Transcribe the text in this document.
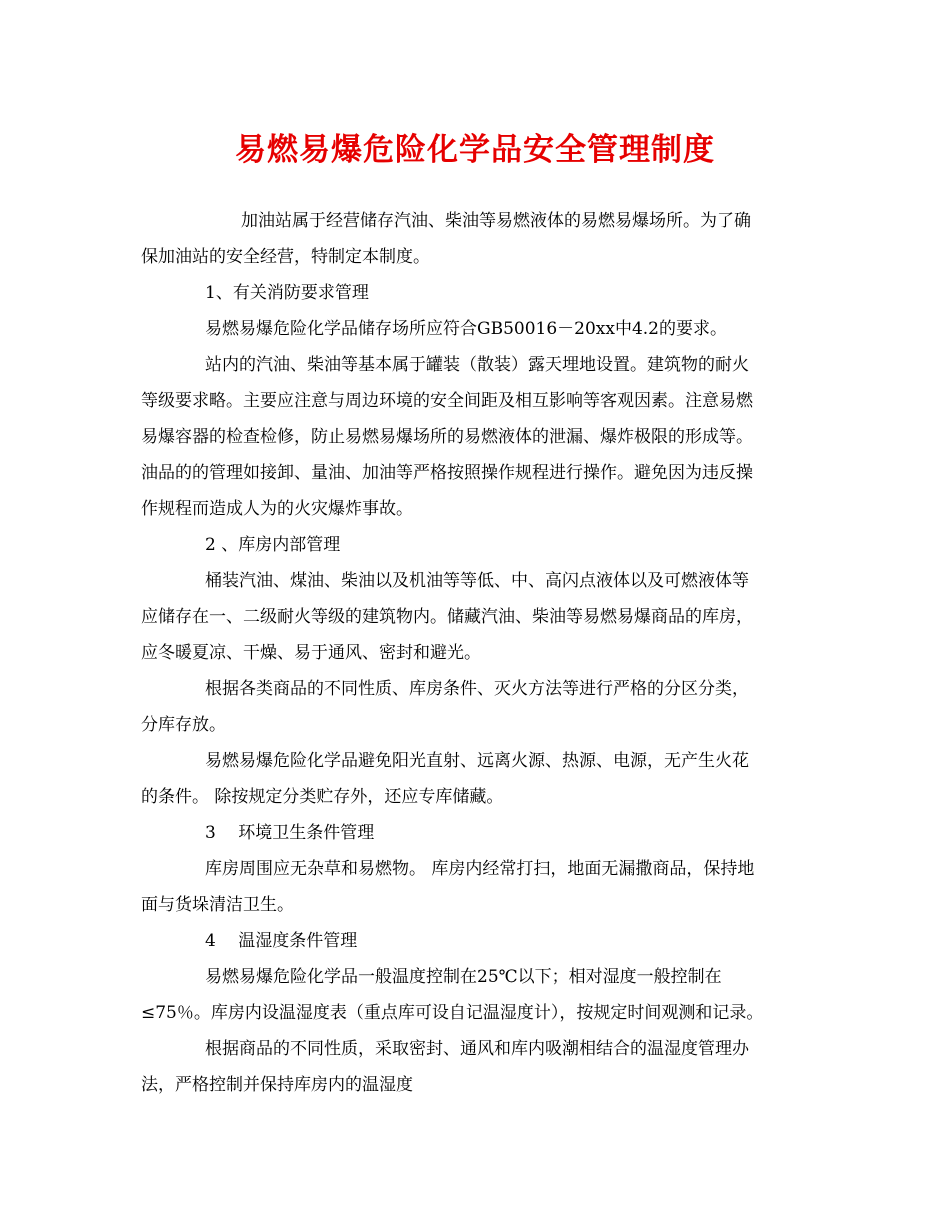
易燃易爆危险化学品安全管理制度

加油站属于经营储存汽油、柴油等易燃液体的易燃易爆场所。为了确

保加油站的安全经营，特制定本制度。

1、有关消防要求管理

易燃易爆危险化学品储存场所应符合GB50016－20xx中4.2的要求。

站内的汽油、柴油等基本属于罐装（散装）露天埋地设置。建筑物的耐火

等级要求略。主要应注意与周边环境的安全间距及相互影响等客观因素。注意易燃

易爆容器的检查检修，防止易燃易爆场所的易燃液体的泄漏、爆炸极限的形成等。

油品的的管理如接卸、量油、加油等严格按照操作规程进行操作。避免因为违反操

作规程而造成人为的火灾爆炸事故。

2 、库房内部管理

桶装汽油、煤油、柴油以及机油等等低、中、高闪点液体以及可燃液体等

应储存在一、二级耐火等级的建筑物内。储藏汽油、柴油等易燃易爆商品的库房，

应冬暖夏凉、干燥、易于通风、密封和避光。

根据各类商品的不同性质、库房条件、灭火方法等进行严格的分区分类，

分库存放。

易燃易爆危险化学品避免阳光直射、远离火源、热源、电源，无产生火花

的条件。 除按规定分类贮存外，还应专库储藏。

3　 环境卫生条件管理

库房周围应无杂草和易燃物。 库房内经常打扫，地面无漏撒商品，保持地

面与货垛清洁卫生。

4　 温湿度条件管理

易燃易爆危险化学品一般温度控制在25℃以下；相对湿度一般控制在

≤75％。库房内设温湿度表（重点库可设自记温湿度计），按规定时间观测和记录。

根据商品的不同性质，采取密封、通风和库内吸潮相结合的温湿度管理办

法，严格控制并保持库房内的温湿度
